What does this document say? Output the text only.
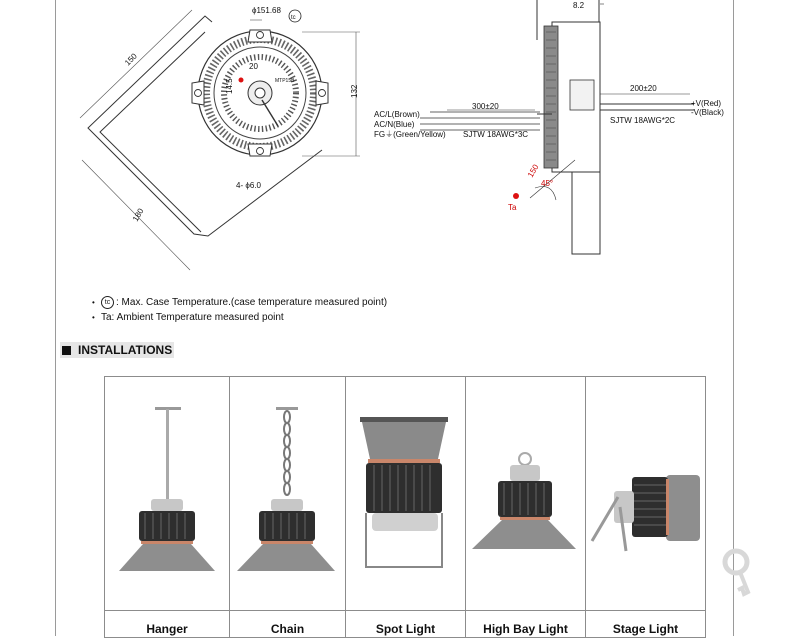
MTP15B
ϕ151.68
tc
150	20
14.5	132
4- ϕ6.0
180
8.2
AC/L(Brown)
AC/N(Blue)
FG⏚(Green/Yellow)
300±20
SJTW 18AWG*3C
200±20
SJTW 18AWG*2C
+V(Red)
-V(Black)
150
45°
Ta
• tc : Max. Case Temperature.(case temperature measured point)
• Ta: Ambient Temperature measured point
INSTALLATIONS
Hanger	Chain	Spot Light	High Bay Light	Stage Light
